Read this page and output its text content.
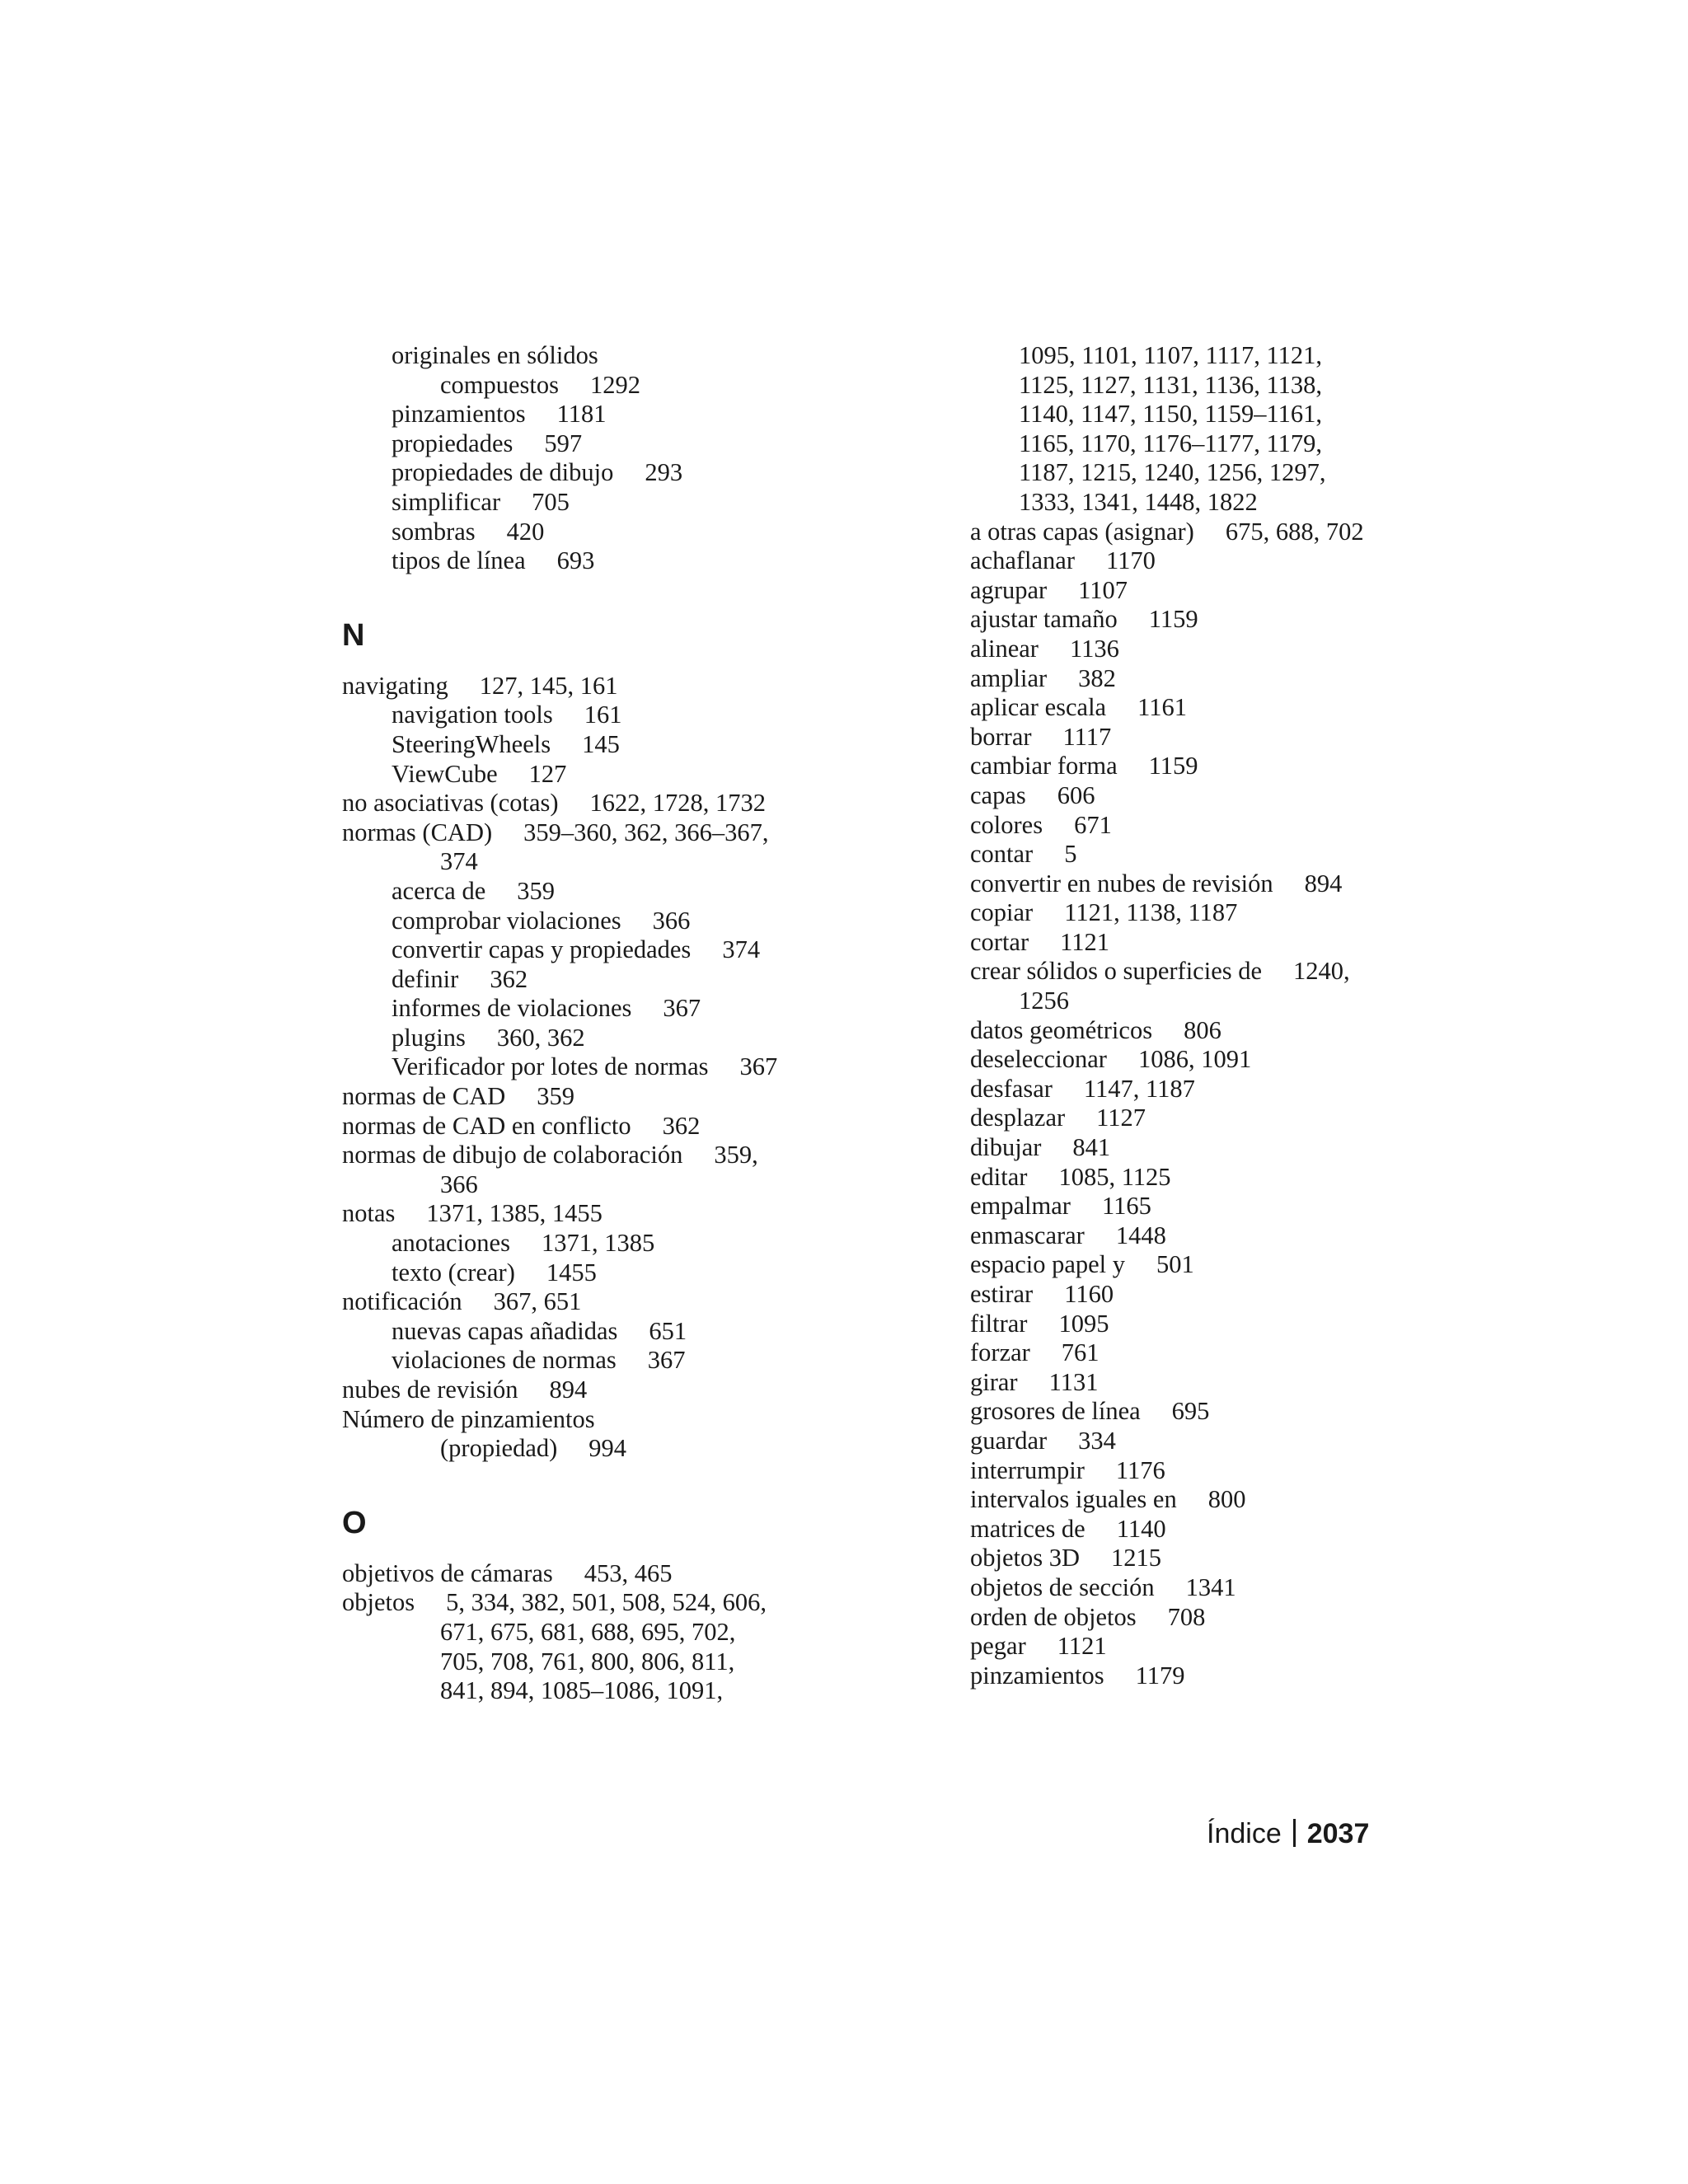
originales en sólidos
compuestos 1292
pinzamientos 1181
propiedades 597
propiedades de dibujo 293
simplificar 705
sombras 420
tipos de línea 693
N
navigating 127, 145, 161
navigation tools 161
SteeringWheels 145
ViewCube 127
no asociativas (cotas) 1622, 1728, 1732
normas (CAD) 359–360, 362, 366–367,
374
acerca de 359
comprobar violaciones 366
convertir capas y propiedades 374
definir 362
informes de violaciones 367
plugins 360, 362
Verificador por lotes de normas 367
normas de CAD 359
normas de CAD en conflicto 362
normas de dibujo de colaboración 359,
366
notas 1371, 1385, 1455
anotaciones 1371, 1385
texto (crear) 1455
notificación 367, 651
nuevas capas añadidas 651
violaciones de normas 367
nubes de revisión 894
Número de pinzamientos
(propiedad) 994
O
objetivos de cámaras 453, 465
objetos 5, 334, 382, 501, 508, 524, 606,
671, 675, 681, 688, 695, 702,
705, 708, 761, 800, 806, 811,
841, 894, 1085–1086, 1091,
1095, 1101, 1107, 1117, 1121,
1125, 1127, 1131, 1136, 1138,
1140, 1147, 1150, 1159–1161,
1165, 1170, 1176–1177, 1179,
1187, 1215, 1240, 1256, 1297,
1333, 1341, 1448, 1822
a otras capas (asignar) 675, 688, 702
achaflanar 1170
agrupar 1107
ajustar tamaño 1159
alinear 1136
ampliar 382
aplicar escala 1161
borrar 1117
cambiar forma 1159
capas 606
colores 671
contar 5
convertir en nubes de revisión 894
copiar 1121, 1138, 1187
cortar 1121
crear sólidos o superficies de 1240,
1256
datos geométricos 806
deseleccionar 1086, 1091
desfasar 1147, 1187
desplazar 1127
dibujar 841
editar 1085, 1125
empalmar 1165
enmascarar 1448
espacio papel y 501
estirar 1160
filtrar 1095
forzar 761
girar 1131
grosores de línea 695
guardar 334
interrumpir 1176
intervalos iguales en 800
matrices de 1140
objetos 3D 1215
objetos de sección 1341
orden de objetos 708
pegar 1121
pinzamientos 1179
Índice 2037
